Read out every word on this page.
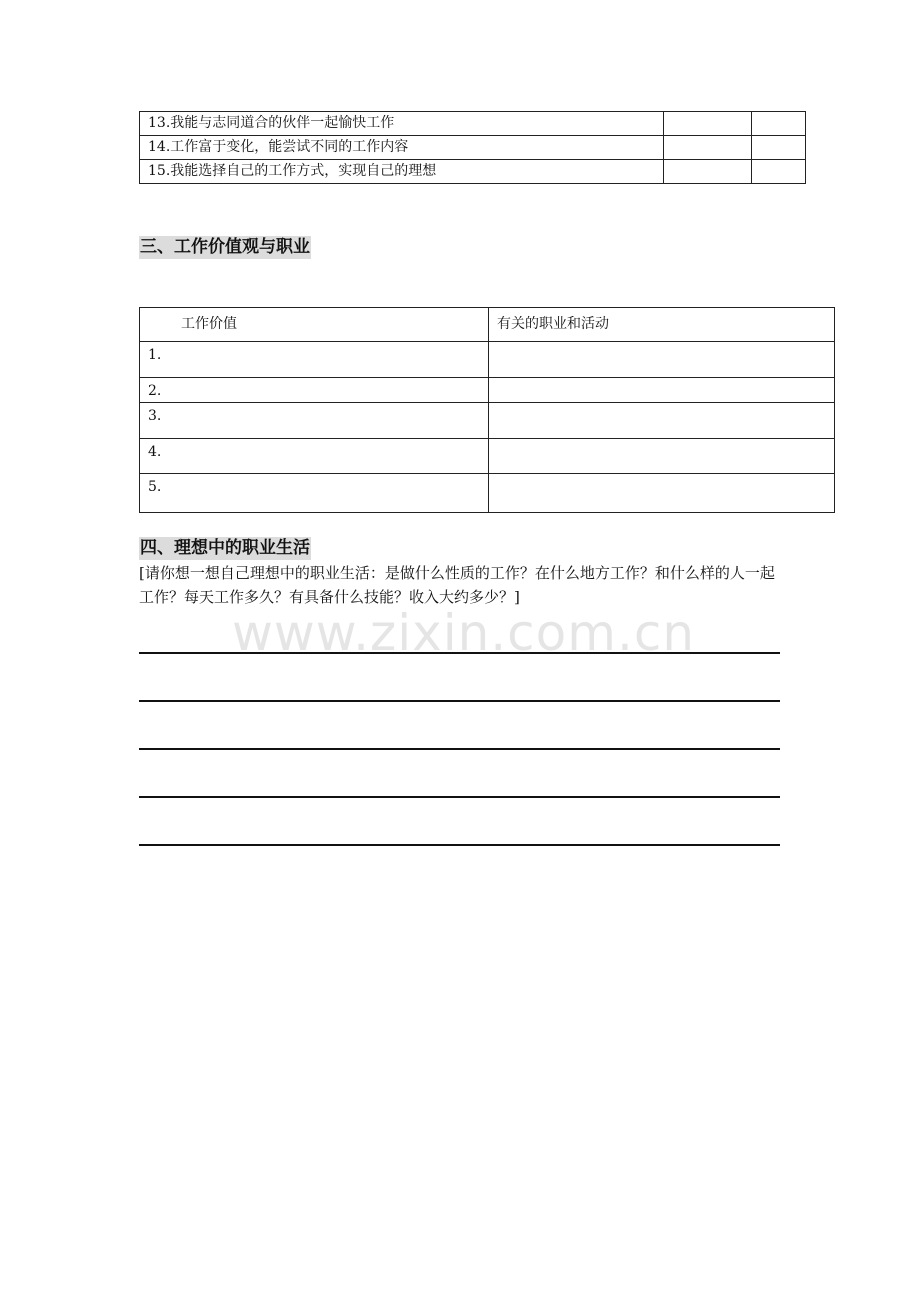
13.我能与志同道合的伙伴一起愉快工作		
14.工作富于变化，能尝试不同的工作内容		
15.我能选择自己的工作方式，实现自己的理想		
三、工作价值观与职业
工作价值	有关的职业和活动
1.	
2.	
3.	
4.	
5.	
四、理想中的职业生活
[请你想一想自己理想中的职业生活：是做什么性质的工作？在什么地方工作？和什么样的人一起工作？每天工作多久？有具备什么技能？收入大约多少？]
www.zixin.com.cn
